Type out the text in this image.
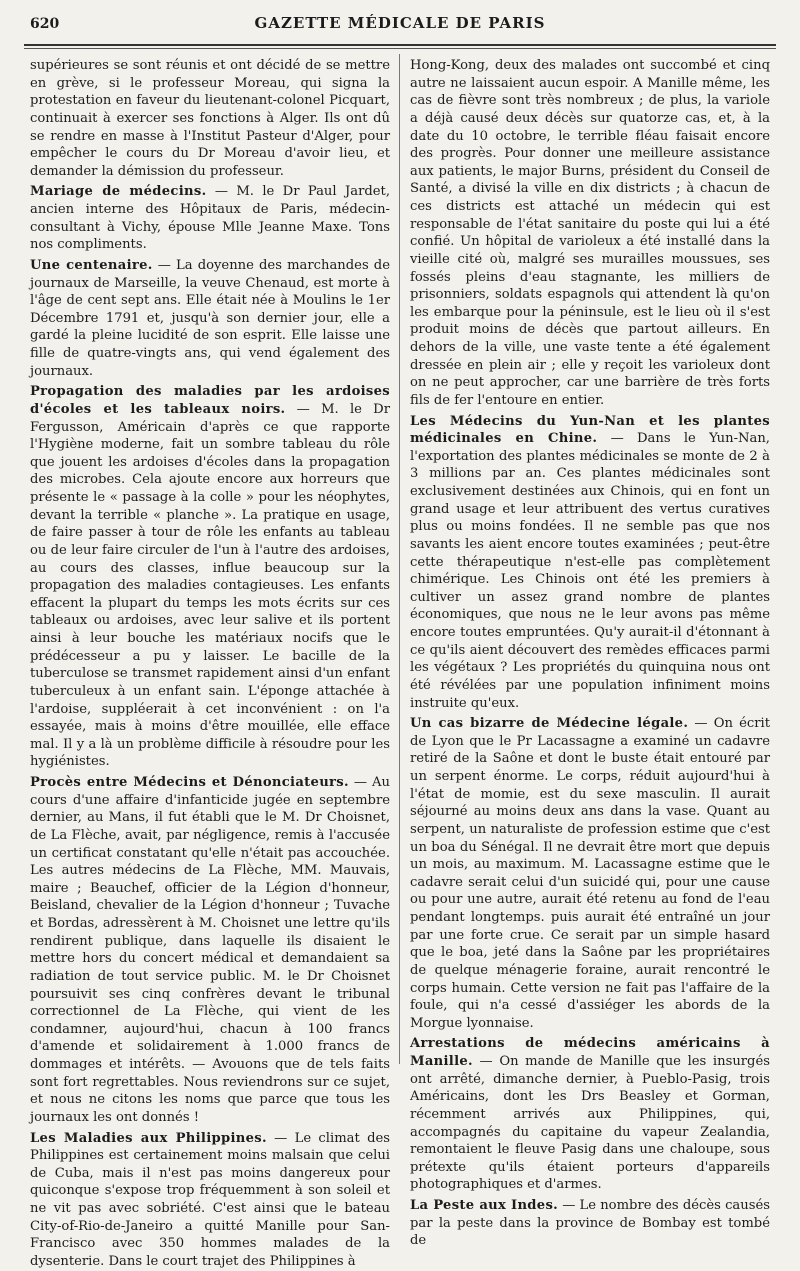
620	GAZETTE MÉDICALE DE PARIS

supérieures se sont réunis et ont décidé de se mettre en grève, si le professeur Moreau, qui signa la protestation en faveur du lieutenant-colonel Picquart, continuait à exercer ses fonctions à Alger. Ils ont dû se rendre en masse à l'Institut Pasteur d'Alger, pour empêcher le cours du Dr Moreau d'avoir lieu, et demander la démission du professeur.

Mariage de médecins. — M. le Dr Paul Jardet, ancien interne des Hôpitaux de Paris, médecin-consultant à Vichy, épouse Mlle Jeanne Maxe. Tons nos compliments.

Une centenaire. — La doyenne des marchandes de journaux de Marseille, la veuve Chenaud, est morte à l'âge de cent sept ans. Elle était née à Moulins le 1er Décembre 1791 et, jusqu'à son dernier jour, elle a gardé la pleine lucidité de son esprit. Elle laisse une fille de quatre-vingts ans, qui vend également des journaux.

Propagation des maladies par les ardoises d'écoles et les tableaux noirs. — M. le Dr Fergusson, Américain d'après ce que rapporte l'Hygiène moderne, fait un sombre tableau du rôle que jouent les ardoises d'écoles dans la propagation des microbes. Cela ajoute encore aux horreurs que présente le « passage à la colle » pour les néophytes, devant la terrible « planche ». La pratique en usage, de faire passer à tour de rôle les enfants au tableau ou de leur faire circuler de l'un à l'autre des ardoises, au cours des classes, influe beaucoup sur la propagation des maladies contagieuses. Les enfants effacent la plupart du temps les mots écrits sur ces tableaux ou ardoises, avec leur salive et ils portent ainsi à leur bouche les matériaux nocifs que le prédécesseur a pu y laisser. Le bacille de la tuberculose se transmet rapidement ainsi d'un enfant tuberculeux à un enfant sain. L'éponge attachée à l'ardoise, suppléerait à cet inconvénient : on l'a essayée, mais à moins d'être mouillée, elle efface mal. Il y a là un problème difficile à résoudre pour les hygiénistes.

Procès entre Médecins et Dénonciateurs. — Au cours d'une affaire d'infanticide jugée en septembre dernier, au Mans, il fut établi que le M. Dr Choisnet, de La Flèche, avait, par négligence, remis à l'accusée un certificat constatant qu'elle n'était pas accouchée. Les autres médecins de La Flèche, MM. Mauvais, maire ; Beauchef, officier de la Légion d'honneur, Beisland, chevalier de la Légion d'honneur ; Tuvache et Bordas, adressèrent à M. Choisnet une lettre qu'ils rendirent publique, dans laquelle ils disaient le mettre hors du concert médical et demandaient sa radiation de tout service public. M. le Dr Choisnet poursuivit ses cinq confrères devant le tribunal correctionnel de La Flèche, qui vient de les condamner, aujourd'hui, chacun à 100 francs d'amende et solidairement à 1.000 francs de dommages et intérêts. — Avouons que de tels faits sont fort regrettables. Nous reviendrons sur ce sujet, et nous ne citons les noms que parce que tous les journaux les ont donnés !

Les Maladies aux Philippines. — Le climat des Philippines est certainement moins malsain que celui de Cuba, mais il n'est pas moins dangereux pour quiconque s'expose trop fréquemment à son soleil et ne vit pas avec sobriété. C'est ainsi que le bateau City-of-Rio-de-Janeiro a quitté Manille pour San-Francisco avec 350 hommes malades de la dysenterie. Dans le court trajet des Philippines à

Hong-Kong, deux des malades ont succombé et cinq autre ne laissaient aucun espoir. A Manille même, les cas de fièvre sont très nombreux ; de plus, la variole a déjà causé deux décès sur quatorze cas, et, à la date du 10 octobre, le terrible fléau faisait encore des progrès. Pour donner une meilleure assistance aux patients, le major Burns, président du Conseil de Santé, a divisé la ville en dix districts ; à chacun de ces districts est attaché un médecin qui est responsable de l'état sanitaire du poste qui lui a été confié. Un hôpital de varioleux a été installé dans la vieille cité où, malgré ses murailles moussues, ses fossés pleins d'eau stagnante, les milliers de prisonniers, soldats espagnols qui attendent là qu'on les embarque pour la péninsule, est le lieu où il s'est produit moins de décès que partout ailleurs. En dehors de la ville, une vaste tente a été également dressée en plein air ; elle y reçoit les varioleux dont on ne peut approcher, car une barrière de très forts fils de fer l'entoure en entier.

Les Médecins du Yun-Nan et les plantes médicinales en Chine. — Dans le Yun-Nan, l'exportation des plantes médicinales se monte de 2 à 3 millions par an. Ces plantes médicinales sont exclusivement destinées aux Chinois, qui en font un grand usage et leur attribuent des vertus curatives plus ou moins fondées. Il ne semble pas que nos savants les aient encore toutes examinées ; peut-être cette thérapeutique n'est-elle pas complètement chimérique. Les Chinois ont été les premiers à cultiver un assez grand nombre de plantes économiques, que nous ne le leur avons pas même encore toutes empruntées. Qu'y aurait-il d'étonnant à ce qu'ils aient découvert des remèdes efficaces parmi les végétaux ? Les propriétés du quinquina nous ont été révélées par une population infiniment moins instruite qu'eux.

Un cas bizarre de Médecine légale. — On écrit de Lyon que le Pr Lacassagne a examiné un cadavre retiré de la Saône et dont le buste était entouré par un serpent énorme. Le corps, réduit aujourd'hui à l'état de momie, est du sexe masculin. Il aurait séjourné au moins deux ans dans la vase. Quant au serpent, un naturaliste de profession estime que c'est un boa du Sénégal. Il ne devrait être mort que depuis un mois, au maximum. M. Lacassagne estime que le cadavre serait celui d'un suicidé qui, pour une cause ou pour une autre, aurait été retenu au fond de l'eau pendant longtemps. puis aurait été entraîné un jour par une forte crue. Ce serait par un simple hasard que le boa, jeté dans la Saône par les propriétaires de quelque ménagerie foraine, aurait rencontré le corps humain. Cette version ne fait pas l'affaire de la foule, qui n'a cessé d'assiéger les abords de la Morgue lyonnaise.

Arrestations de médecins américains à Manille. — On mande de Manille que les insurgés ont arrêté, dimanche dernier, à Pueblo-Pasig, trois Américains, dont les Drs Beasley et Gorman, récemment arrivés aux Philippines, qui, accompagnés du capitaine du vapeur Zealandia, remontaient le fleuve Pasig dans une chaloupe, sous prétexte qu'ils étaient porteurs d'appareils photographiques et d'armes.

La Peste aux Indes. — Le nombre des décès causés par la peste dans la province de Bombay est tombé de
